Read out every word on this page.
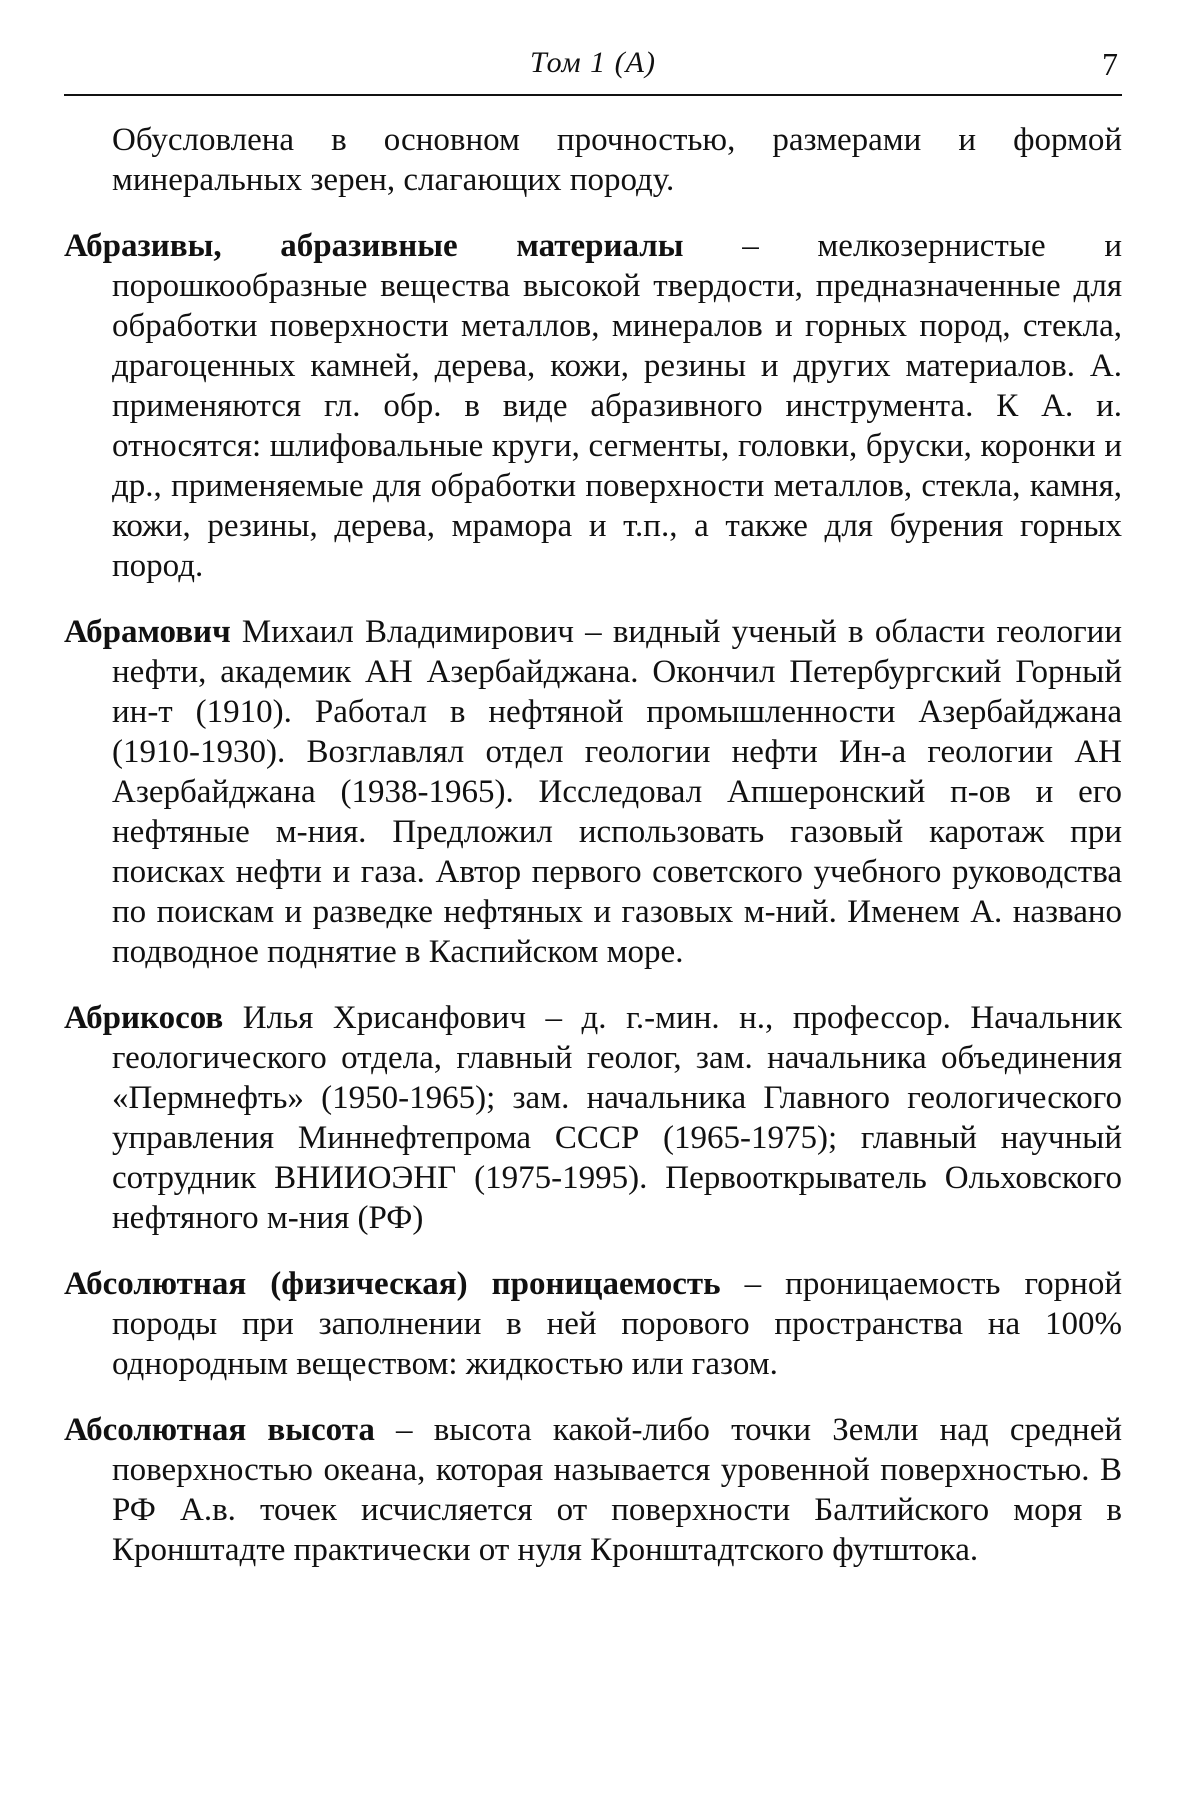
Том 1 (А)	7

Обусловлена в основном прочностью, размерами и формой минеральных зерен, слагающих породу.

Абразивы, абразивные материалы – мелкозернистые и порошкообразные вещества высокой твердости, предназначенные для обработки поверхности металлов, минералов и горных пород, стекла, драгоценных камней, дерева, кожи, резины и других материалов. А. применяются гл. обр. в виде абразивного инструмента. К А. и. относятся: шлифовальные круги, сегменты, головки, бруски, коронки и др., применяемые для обработки поверхности металлов, стекла, камня, кожи, резины, дерева, мрамора и т.п., а также для бурения горных пород.

Абрамович Михаил Владимирович – видный ученый в области геологии нефти, академик АН Азербайджана. Окончил Петербургский Горный ин-т (1910). Работал в нефтяной промышленности Азербайджана (1910-1930). Возглавлял отдел геологии нефти Ин-а геологии АН Азербайджана (1938-1965). Исследовал Апшеронский п-ов и его нефтяные м-ния. Предложил использовать газовый каротаж при поисках нефти и газа. Автор первого советского учебного руководства по поискам и разведке нефтяных и газовых м-ний. Именем А. названо подводное поднятие в Каспийском море.

Абрикосов Илья Хрисанфович – д. г.-мин. н., профессор. Начальник геологического отдела, главный геолог, зам. начальника объединения «Пермнефть» (1950-1965); зам. начальника Главного геологического управления Миннефтепрома СССР (1965-1975); главный научный сотрудник ВНИИОЭНГ (1975-1995). Первооткрыватель Ольховского нефтяного м-ния (РФ)

Абсолютная (физическая) проницаемость – проницаемость горной породы при заполнении в ней порового пространства на 100% однородным веществом: жидкостью или газом.

Абсолютная высота – высота какой-либо точки Земли над средней поверхностью океана, которая называется уровенной поверхностью. В РФ А.в. точек исчисляется от поверхности Балтийского моря в Кронштадте практически от нуля Кронштадтского футштока.
